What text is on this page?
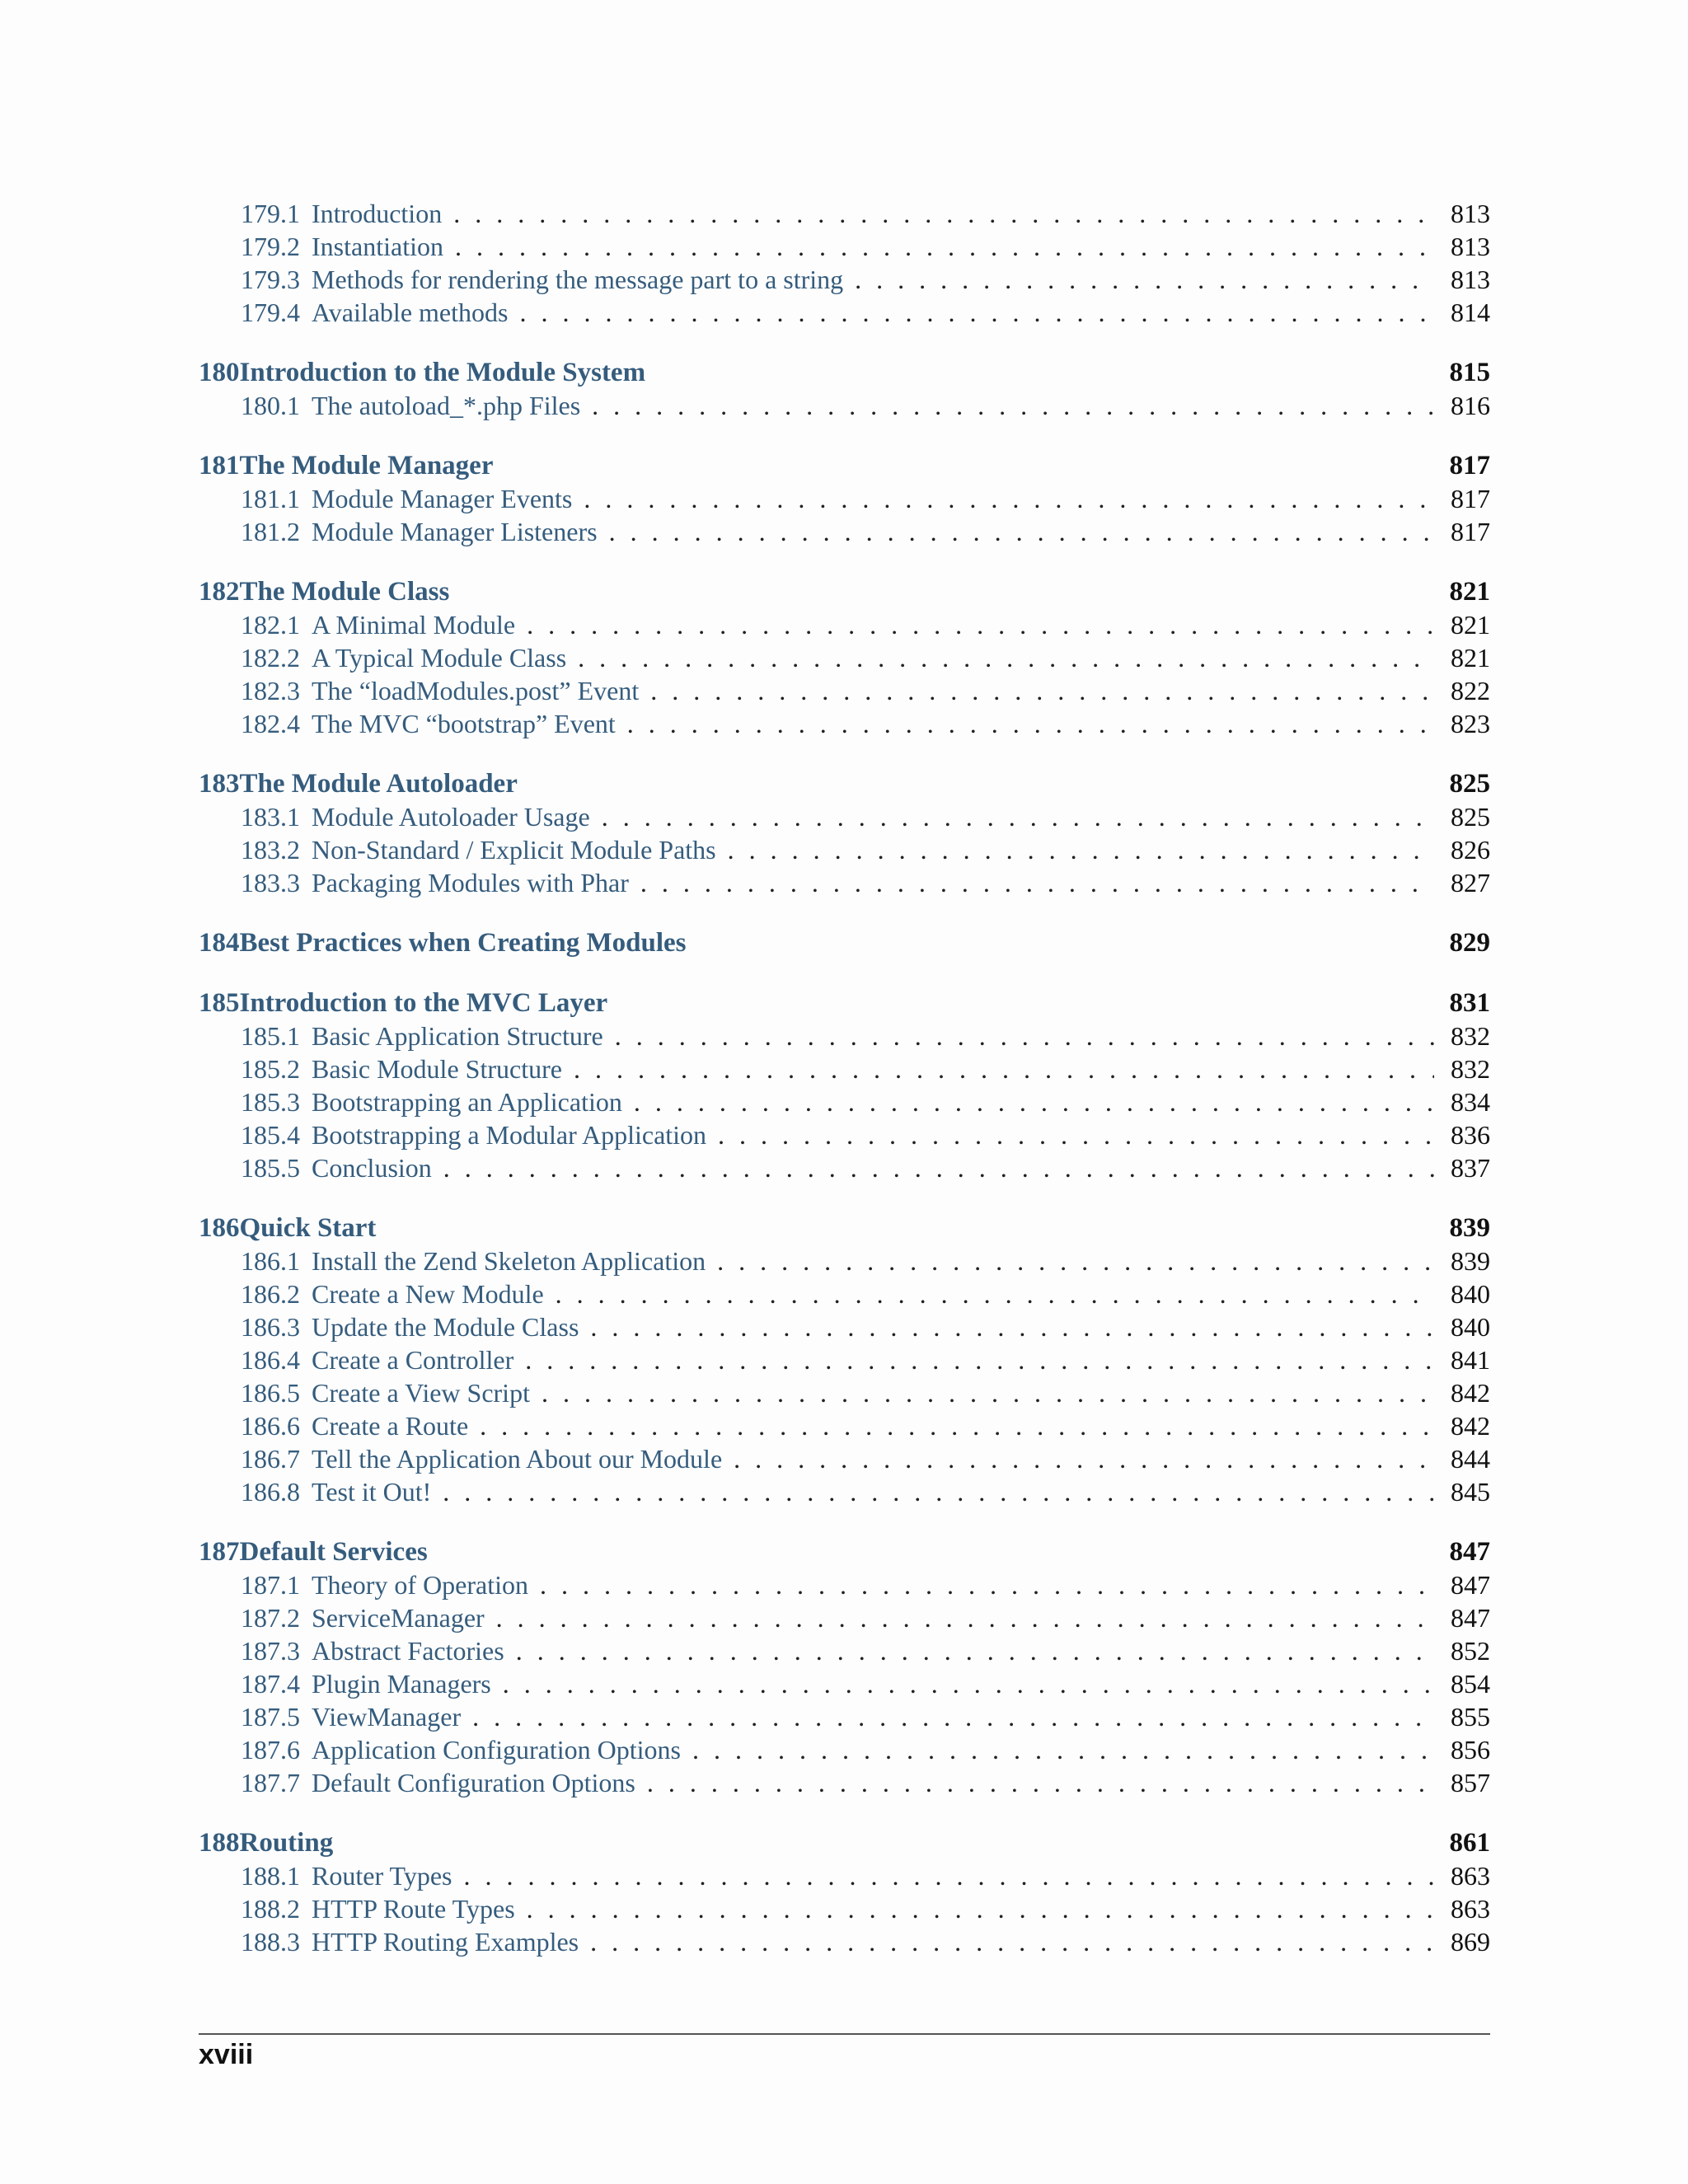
179.1 Introduction . . .	813
179.2 Instantiation . . .	813
179.3 Methods for rendering the message part to a string . . .	813
179.4 Available methods . . .	814
180 Introduction to the Module System	815
180.1 The autoload_*.php Files . . .	816
181 The Module Manager	817
181.1 Module Manager Events . . .	817
181.2 Module Manager Listeners . . .	817
182 The Module Class	821
182.1 A Minimal Module . . .	821
182.2 A Typical Module Class . . .	821
182.3 The “loadModules.post” Event . . .	822
182.4 The MVC “bootstrap” Event . . .	823
183 The Module Autoloader	825
183.1 Module Autoloader Usage . . .	825
183.2 Non-Standard / Explicit Module Paths . . .	826
183.3 Packaging Modules with Phar . . .	827
184 Best Practices when Creating Modules	829
185 Introduction to the MVC Layer	831
185.1 Basic Application Structure . . .	832
185.2 Basic Module Structure . . .	832
185.3 Bootstrapping an Application . . .	834
185.4 Bootstrapping a Modular Application . . .	836
185.5 Conclusion . . .	837
186 Quick Start	839
186.1 Install the Zend Skeleton Application . . .	839
186.2 Create a New Module . . .	840
186.3 Update the Module Class . . .	840
186.4 Create a Controller . . .	841
186.5 Create a View Script . . .	842
186.6 Create a Route . . .	842
186.7 Tell the Application About our Module . . .	844
186.8 Test it Out! . . .	845
187 Default Services	847
187.1 Theory of Operation . . .	847
187.2 ServiceManager . . .	847
187.3 Abstract Factories . . .	852
187.4 Plugin Managers . . .	854
187.5 ViewManager . . .	855
187.6 Application Configuration Options . . .	856
187.7 Default Configuration Options . . .	857
188 Routing	861
188.1 Router Types . . .	863
188.2 HTTP Route Types . . .	863
188.3 HTTP Routing Examples . . .	869
xviii
